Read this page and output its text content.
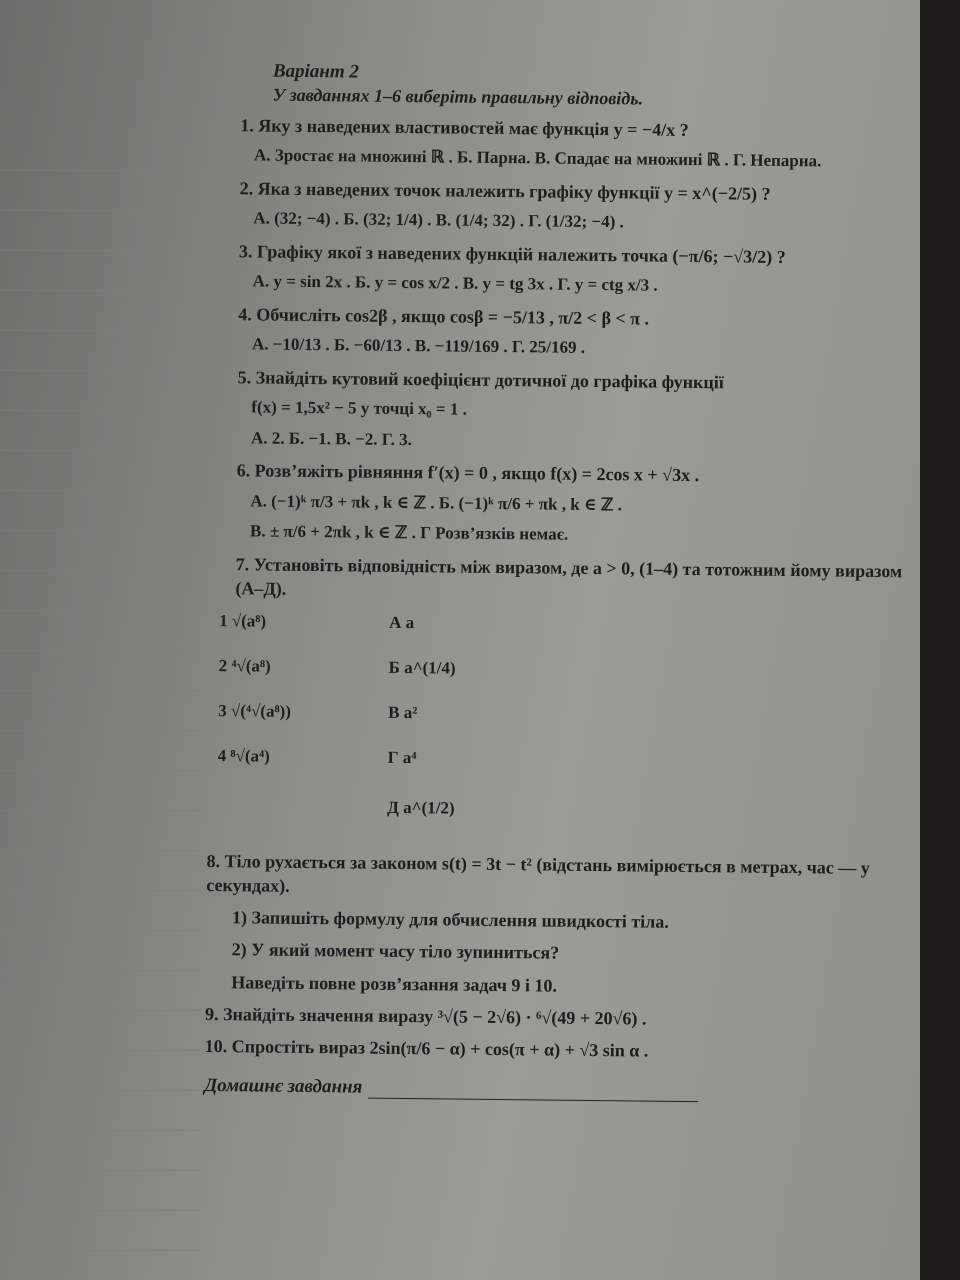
Варіант 2
У завданнях 1–6 виберіть правильну відповідь.
1. Яку з наведених властивостей має функція y = −4/x ?
А. Зростає на множині ℝ . Б. Парна. В. Спадає на множині ℝ . Г. Непарна.
2. Яка з наведених точок належить графіку функції y = x^(−2/5) ?
А. (32; −4) . Б. (32; 1/4) . В. (1/4; 32) . Г. (1/32; −4) .
3. Графіку якої з наведених функцій належить точка (−π/6; −√3/2) ?
А. y = sin 2x . Б. y = cos x/2 . В. y = tg 3x . Г. y = ctg x/3 .
4. Обчисліть cos2β , якщо cosβ = −5/13 , π/2 < β < π .
А. −10/13 . Б. −60/13 . В. −119/169 . Г. 25/169 .
5. Знайдіть кутовий коефіцієнт дотичної до графіка функції
f(x) = 1,5x² − 5 у точці x₀ = 1 .
А. 2. Б. −1. В. −2. Г. 3.
6. Розв’яжіть рівняння f′(x) = 0 , якщо f(x) = 2cos x + √3x .
А. (−1)ᵏ π/3 + πk , k ∈ ℤ . Б. (−1)ᵏ π/6 + πk , k ∈ ℤ .
В. ± π/6 + 2πk , k ∈ ℤ . Г Розв’язків немає.
7. Установіть відповідність між виразом, де a > 0, (1–4) та тотожним йому виразом (А–Д).
1 √(a⁸)
2 ⁴√(a⁸)
3 √(⁴√(a⁸))
4 ⁸√(a⁴)
А a
Б a^(1/4)
В a²
Г a⁴
Д a^(1/2)
8. Тіло рухається за законом s(t) = 3t − t² (відстань вимірюється в метрах, час — у секундах).
1) Запишіть формулу для обчислення швидкості тіла.
2) У який момент часу тіло зупиниться?
Наведіть повне розв’язання задач 9 і 10.
9. Знайдіть значення виразу ³√(5 − 2√6) · ⁶√(49 + 20√6) .
10. Спростіть вираз 2sin(π/6 − α) + cos(π + α) + √3 sin α .
Домашнє завдання
